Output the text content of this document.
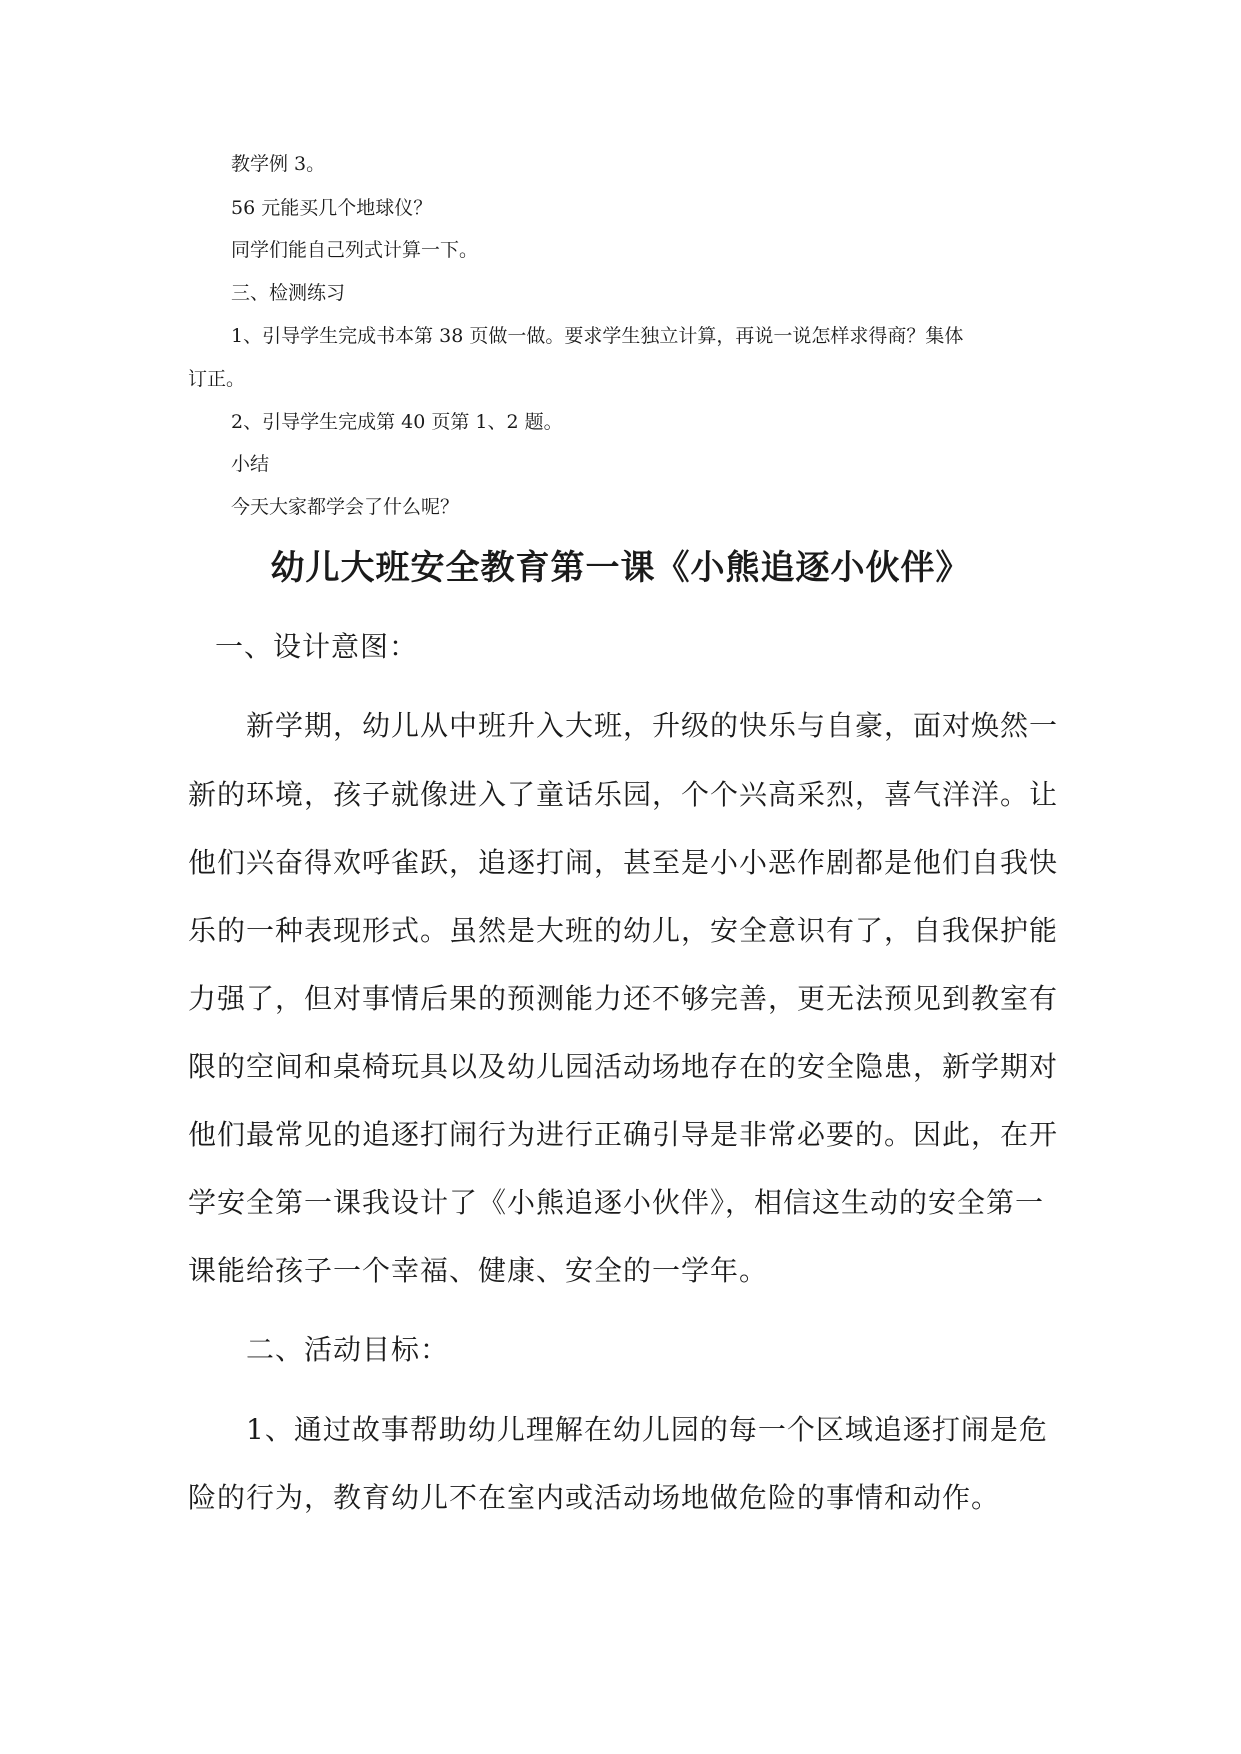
教学例 3。

56 元能买几个地球仪？

同学们能自己列式计算一下。

三、检测练习

1、引导学生完成书本第 38 页做一做。要求学生独立计算，再说一说怎样求得商？集体

订正。

2、引导学生完成第 40 页第 1、2 题。

小结

今天大家都学会了什么呢？

幼儿大班安全教育第一课《小熊追逐小伙伴》

一、设计意图：

新学期，幼儿从中班升入大班，升级的快乐与自豪，面对焕然一

新的环境，孩子就像进入了童话乐园，个个兴高采烈，喜气洋洋。让

他们兴奋得欢呼雀跃，追逐打闹，甚至是小小恶作剧都是他们自我快

乐的一种表现形式。虽然是大班的幼儿，安全意识有了，自我保护能

力强了，但对事情后果的预测能力还不够完善，更无法预见到教室有

限的空间和桌椅玩具以及幼儿园活动场地存在的安全隐患，新学期对

他们最常见的追逐打闹行为进行正确引导是非常必要的。因此，在开

学安全第一课我设计了《小熊追逐小伙伴》，相信这生动的安全第一

课能给孩子一个幸福、健康、安全的一学年。

二、活动目标：

1、通过故事帮助幼儿理解在幼儿园的每一个区域追逐打闹是危

险的行为，教育幼儿不在室内或活动场地做危险的事情和动作。
